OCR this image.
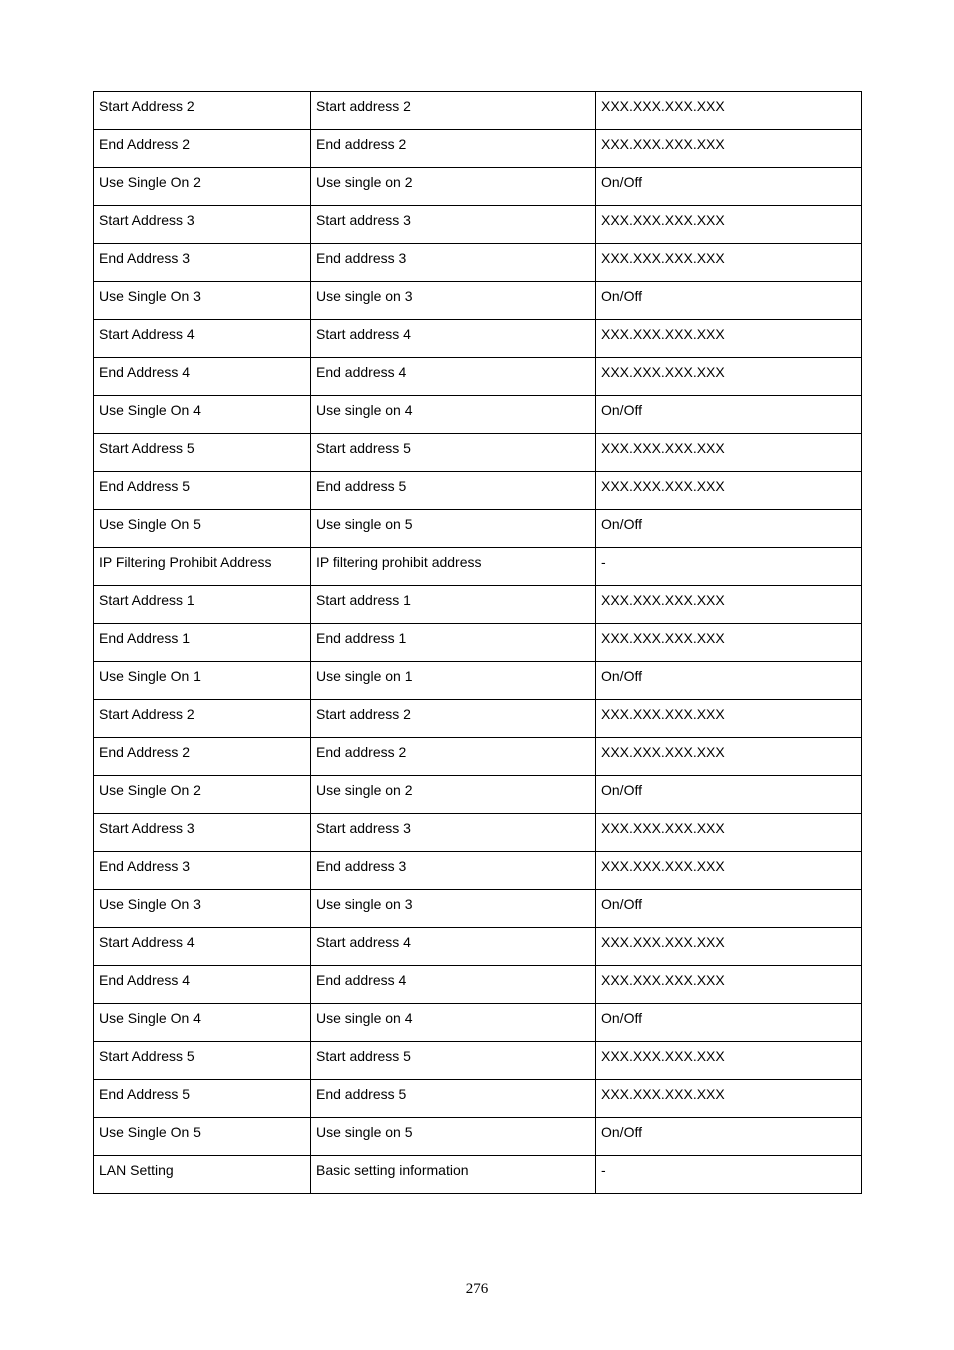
Start Address 2	Start address 2	XXX.XXX.XXX.XXX
End Address 2	End address 2	XXX.XXX.XXX.XXX
Use Single On 2	Use single on 2	On/Off
Start Address 3	Start address 3	XXX.XXX.XXX.XXX
End Address 3	End address 3	XXX.XXX.XXX.XXX
Use Single On 3	Use single on 3	On/Off
Start Address 4	Start address 4	XXX.XXX.XXX.XXX
End Address 4	End address 4	XXX.XXX.XXX.XXX
Use Single On 4	Use single on 4	On/Off
Start Address 5	Start address 5	XXX.XXX.XXX.XXX
End Address 5	End address 5	XXX.XXX.XXX.XXX
Use Single On 5	Use single on 5	On/Off
IP Filtering Prohibit Address	IP filtering prohibit address	-
Start Address 1	Start address 1	XXX.XXX.XXX.XXX
End Address 1	End address 1	XXX.XXX.XXX.XXX
Use Single On 1	Use single on 1	On/Off
Start Address 2	Start address 2	XXX.XXX.XXX.XXX
End Address 2	End address 2	XXX.XXX.XXX.XXX
Use Single On 2	Use single on 2	On/Off
Start Address 3	Start address 3	XXX.XXX.XXX.XXX
End Address 3	End address 3	XXX.XXX.XXX.XXX
Use Single On 3	Use single on 3	On/Off
Start Address 4	Start address 4	XXX.XXX.XXX.XXX
End Address 4	End address 4	XXX.XXX.XXX.XXX
Use Single On 4	Use single on 4	On/Off
Start Address 5	Start address 5	XXX.XXX.XXX.XXX
End Address 5	End address 5	XXX.XXX.XXX.XXX
Use Single On 5	Use single on 5	On/Off
LAN Setting	Basic setting information	-
276
